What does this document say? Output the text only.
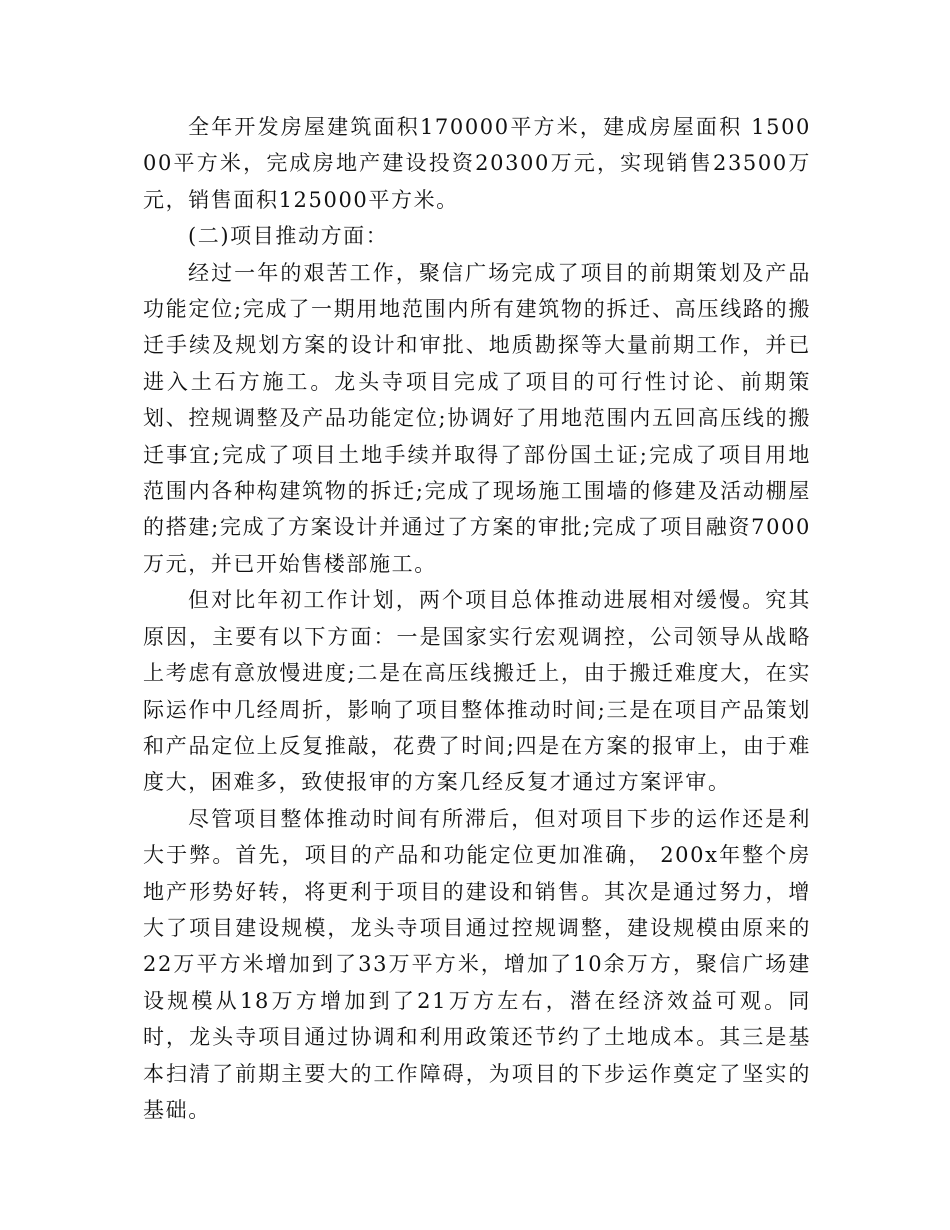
全年开发房屋建筑面积170000平方米，建成房屋面积 150000平方米，完成房地产建设投资20300万元，实现销售23500万元，销售面积125000平方米。

(二)项目推动方面：

经过一年的艰苦工作，聚信广场完成了项目的前期策划及产品功能定位;完成了一期用地范围内所有建筑物的拆迁、高压线路的搬迁手续及规划方案的设计和审批、地质勘探等大量前期工作，并已进入土石方施工。龙头寺项目完成了项目的可行性讨论、前期策划、控规调整及产品功能定位;协调好了用地范围内五回高压线的搬迁事宜;完成了项目土地手续并取得了部份国土证;完成了项目用地范围内各种构建筑物的拆迁;完成了现场施工围墙的修建及活动棚屋的搭建;完成了方案设计并通过了方案的审批;完成了项目融资7000万元，并已开始售楼部施工。

但对比年初工作计划，两个项目总体推动进展相对缓慢。究其原因，主要有以下方面：一是国家实行宏观调控，公司领导从战略上考虑有意放慢进度;二是在高压线搬迁上，由于搬迁难度大，在实际运作中几经周折，影响了项目整体推动时间;三是在项目产品策划和产品定位上反复推敲，花费了时间;四是在方案的报审上，由于难度大，困难多，致使报审的方案几经反复才通过方案评审。

尽管项目整体推动时间有所滞后，但对项目下步的运作还是利大于弊。首先，项目的产品和功能定位更加准确， 200x年整个房地产形势好转，将更利于项目的建设和销售。其次是通过努力，增大了项目建设规模，龙头寺项目通过控规调整，建设规模由原来的22万平方米增加到了33万平方米，增加了10余万方，聚信广场建设规模从18万方增加到了21万方左右，潜在经济效益可观。同时，龙头寺项目通过协调和利用政策还节约了土地成本。其三是基本扫清了前期主要大的工作障碍，为项目的下步运作奠定了坚实的基础。
